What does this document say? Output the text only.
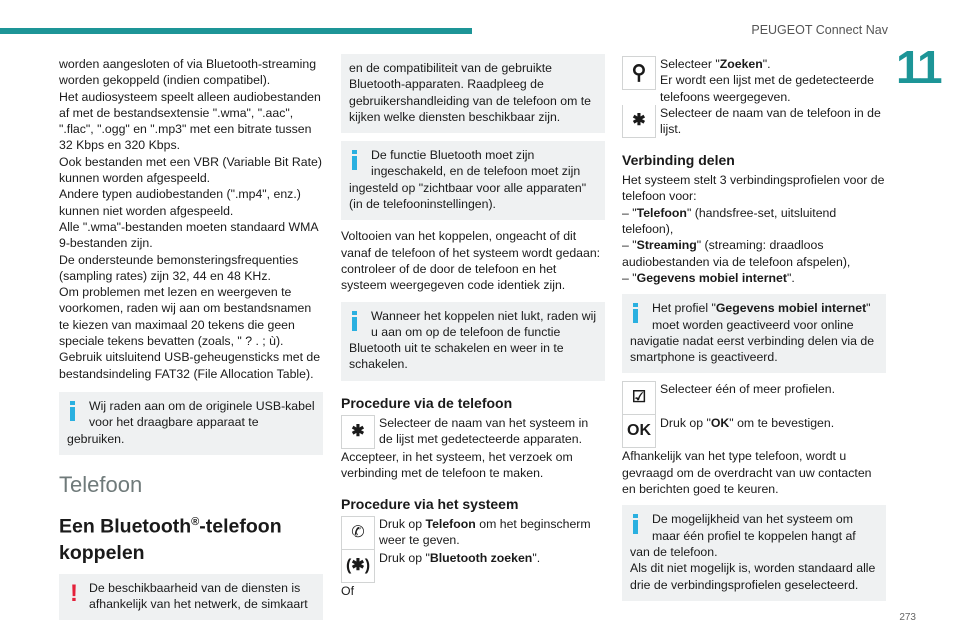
PEUGEOT Connect Nav
11
273

worden aangesloten of via Bluetooth-streaming worden gekoppeld (indien compatibel).
Het audiosysteem speelt alleen audiobestanden af met de bestandsextensie ".wma", ".aac", ".flac", ".ogg" en ".mp3" met een bitrate tussen 32 Kbps en 320 Kbps.
Ook bestanden met een VBR (Variable Bit Rate) kunnen worden afgespeeld.
Andere typen audiobestanden (".mp4", enz.) kunnen niet worden afgespeeld.
Alle ".wma"-bestanden moeten standaard WMA 9-bestanden zijn.
De ondersteunde bemonsteringsfrequenties (sampling rates) zijn 32, 44 en 48 KHz.
Om problemen met lezen en weergeven te voorkomen, raden wij aan om bestandsnamen te kiezen van maximaal 20 tekens die geen speciale tekens bevatten (zoals, " ? . ; ù).
Gebruik uitsluitend USB-geheugensticks met de bestandsindeling FAT32 (File Allocation Table).

Wij raden aan om de originele USB-kabel voor het draagbare apparaat te gebruiken.
Telefoon
Een Bluetooth®-telefoon koppelen
! De beschikbaarheid van de diensten is afhankelijk van het netwerk, de simkaart
en de compatibiliteit van de gebruikte Bluetooth-apparaten. Raadpleeg de gebruikershandleiding van de telefoon om te kijken welke diensten beschikbaar zijn.
De functie Bluetooth moet zijn ingeschakeld, en de telefoon moet zijn ingesteld op "zichtbaar voor alle apparaten" (in de telefooninstellingen).

Voltooien van het koppelen, ongeacht of dit vanaf de telefoon of het systeem wordt gedaan: controleer of de door de telefoon en het systeem weergegeven code identiek zijn.

Wanneer het koppelen niet lukt, raden wij u aan om op de telefoon de functie Bluetooth uit te schakelen en weer in te schakelen.
Procedure via de telefoon
✱	Selecteer de naam van het systeem in de lijst met gedetecteerde apparaten.

Accepteer, in het systeem, het verzoek om verbinding met de telefoon te maken.

Procedure via het systeem
✆	Druk op Telefoon om het beginscherm weer te geven.
(✱) Druk op "Bluetooth zoeken".

Of

⚲	Selecteer "Zoeken".
Er wordt een lijst met de gedetecteerde telefoons weergegeven.
✱	Selecteer de naam van de telefoon in de lijst.
Verbinding delen

Het systeem stelt 3 verbindingsprofielen voor de telefoon voor:

– "Telefoon" (handsfree-set, uitsluitend telefoon),

– "Streaming" (streaming: draadloos audiobestanden via de telefoon afspelen),

– "Gegevens mobiel internet".

Het profiel "Gegevens mobiel internet" moet worden geactiveerd voor online navigatie nadat eerst verbinding delen via de smartphone is geactiveerd.
☑	Selecteer één of meer profielen.
OK Druk op "OK" om te bevestigen.

Afhankelijk van het type telefoon, wordt u gevraagd om de overdracht van uw contacten en berichten goed te keuren.

De mogelijkheid van het systeem om maar één profiel te koppelen hangt af van de telefoon.
Als dit niet mogelijk is, worden standaard alle drie de verbindingsprofielen geselecteerd.
